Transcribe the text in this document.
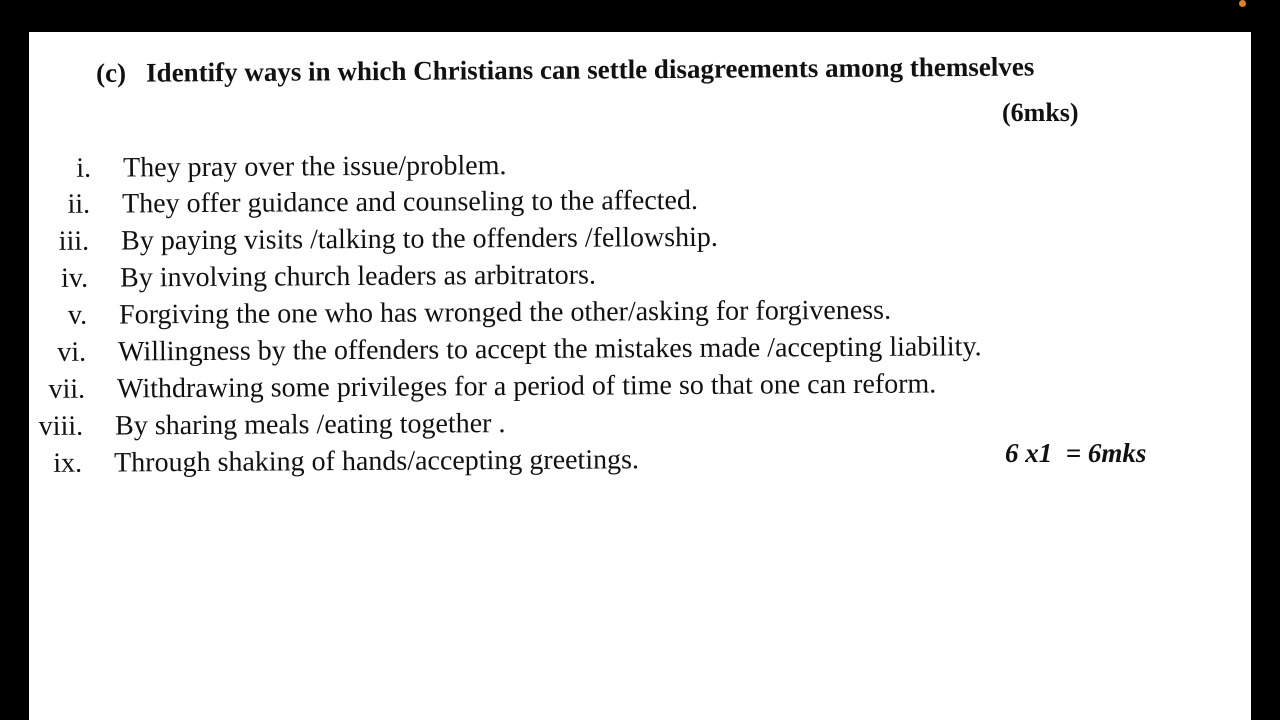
(c) Identify ways in which Christians can settle disagreements among themselves
(6mks)
i. They pray over the issue/problem.
ii. They offer guidance and counseling to the affected.
iii. By paying visits /talking to the offenders /fellowship.
iv. By involving church leaders as arbitrators.
v. Forgiving the one who has wronged the other/asking for forgiveness.
vi. Willingness by the offenders to accept the mistakes made /accepting liability.
vii. Withdrawing some privileges for a period of time so that one can reform.
viii. By sharing meals /eating together .
ix. Through shaking of hands/accepting greetings.	6 x1  = 6mks
